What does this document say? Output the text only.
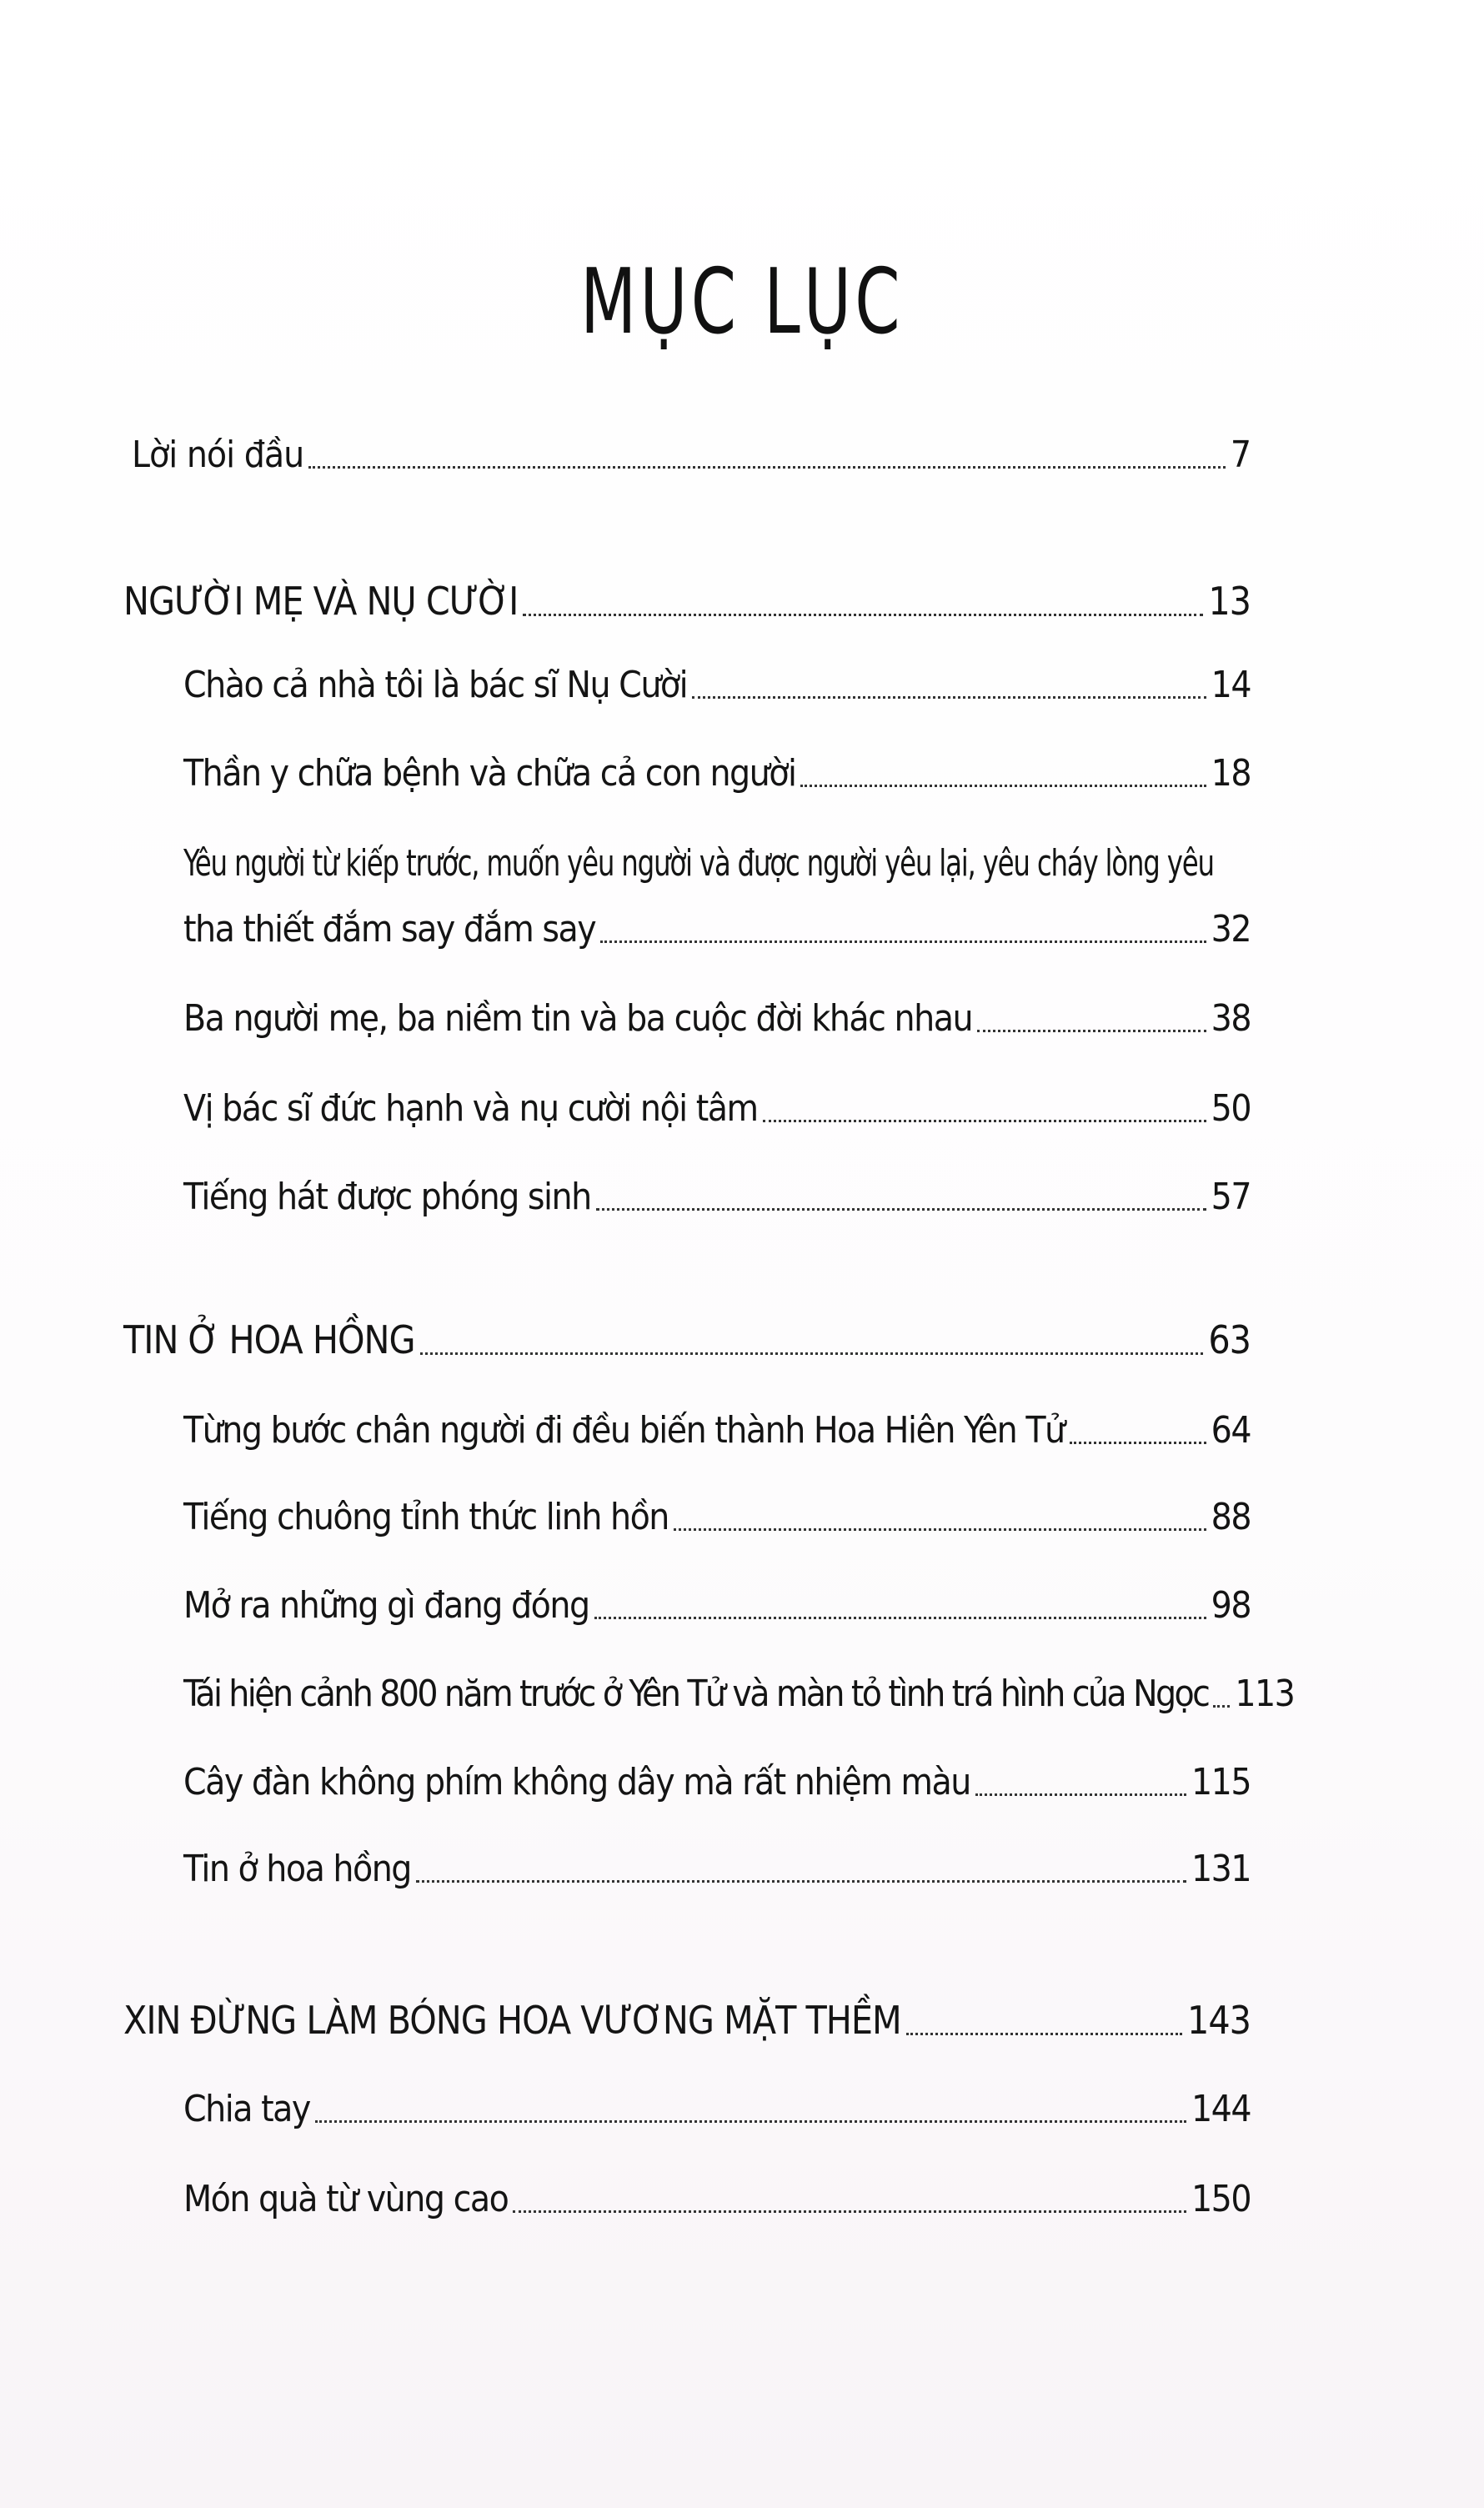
MỤC LỤC
Lời nói đầu	7
NGƯỜI MẸ VÀ NỤ CƯỜI	13
Chào cả nhà tôi là bác sĩ Nụ Cười	14
Thần y chữa bệnh và chữa cả con người	18
Yêu người từ kiếp trước, muốn yêu người và được người yêu lại, yêu cháy lòng yêu
tha thiết đắm say đắm say	32
Ba người mẹ, ba niềm tin và ba cuộc đời khác nhau	38
Vị bác sĩ đức hạnh và nụ cười nội tâm	50
Tiếng hát được phóng sinh	57
TIN Ở HOA HỒNG	63
Từng bước chân người đi đều biến thành Hoa Hiên Yên Tử	64
Tiếng chuông tỉnh thức linh hồn	88
Mở ra những gì đang đóng	98
Tái hiện cảnh 800 năm trước ở Yên Tử và màn tỏ tình trá hình của Ngọc 113
Cây đàn không phím không dây mà rất nhiệm màu	115
Tin ở hoa hồng	131
XIN ĐỪNG LÀM BÓNG HOA VƯƠNG MẶT THỀM	143
Chia tay	144
Món quà từ vùng cao	150
